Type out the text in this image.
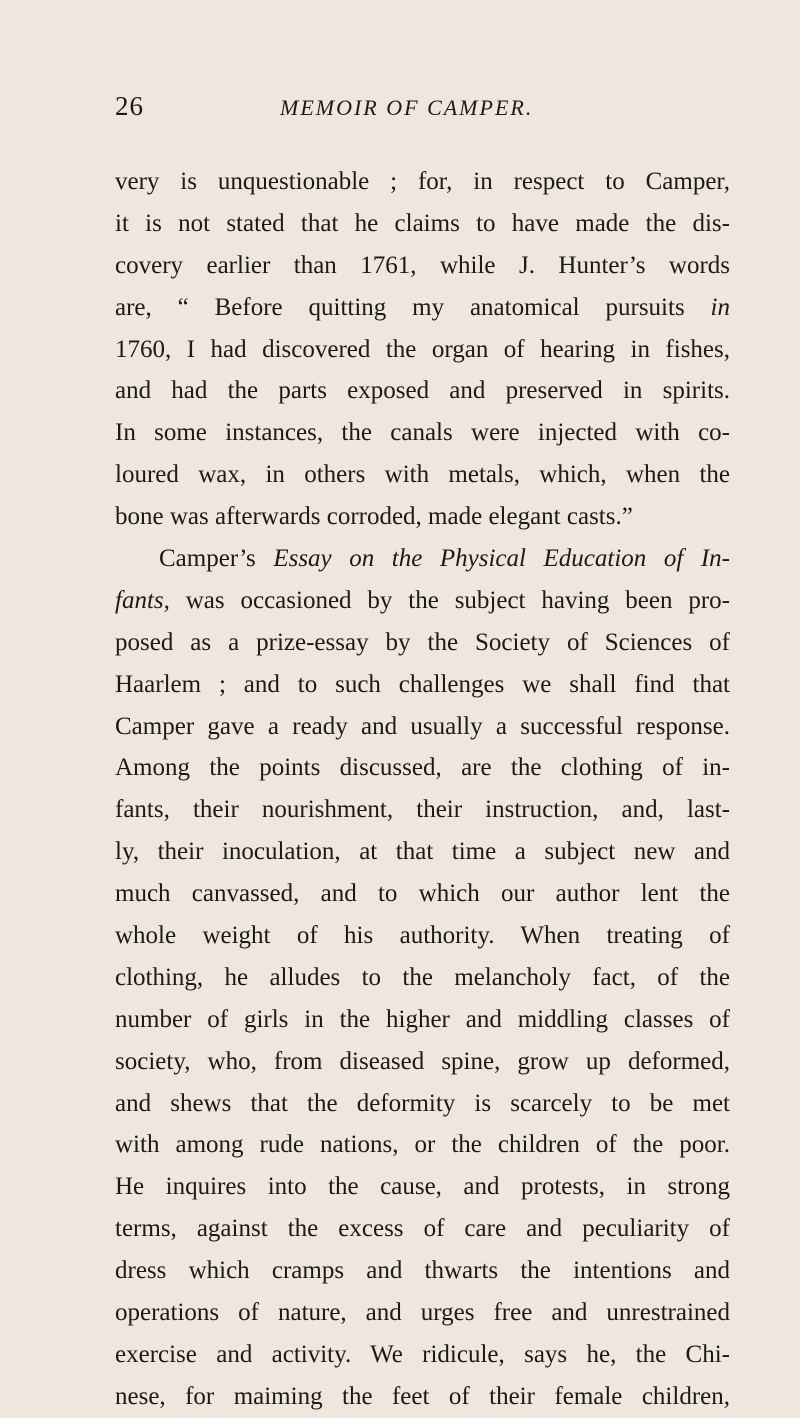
26	MEMOIR OF CAMPER.
very is unquestionable ; for, in respect to Camper,
it is not stated that he claims to have made the dis-
covery earlier than 1761, while J. Hunter’s words
are, “ Before quitting my anatomical pursuits in
1760, I had discovered the organ of hearing in fishes,
and had the parts exposed and preserved in spirits.
In some instances, the canals were injected with co-
loured wax, in others with metals, which, when the
bone was afterwards corroded, made elegant casts.”
Camper’s Essay on the Physical Education of In-
fants, was occasioned by the subject having been pro-
posed as a prize-essay by the Society of Sciences of
Haarlem ; and to such challenges we shall find that
Camper gave a ready and usually a successful response.
Among the points discussed, are the clothing of in-
fants, their nourishment, their instruction, and, last-
ly, their inoculation, at that time a subject new and
much canvassed, and to which our author lent the
whole weight of his authority. When treating of
clothing, he alludes to the melancholy fact, of the
number of girls in the higher and middling classes of
society, who, from diseased spine, grow up deformed,
and shews that the deformity is scarcely to be met
with among rude nations, or the children of the poor.
He inquires into the cause, and protests, in strong
terms, against the excess of care and peculiarity of
dress which cramps and thwarts the intentions and
operations of nature, and urges free and unrestrained
exercise and activity. We ridicule, says he, the Chi-
nese, for maiming the feet of their female children,
